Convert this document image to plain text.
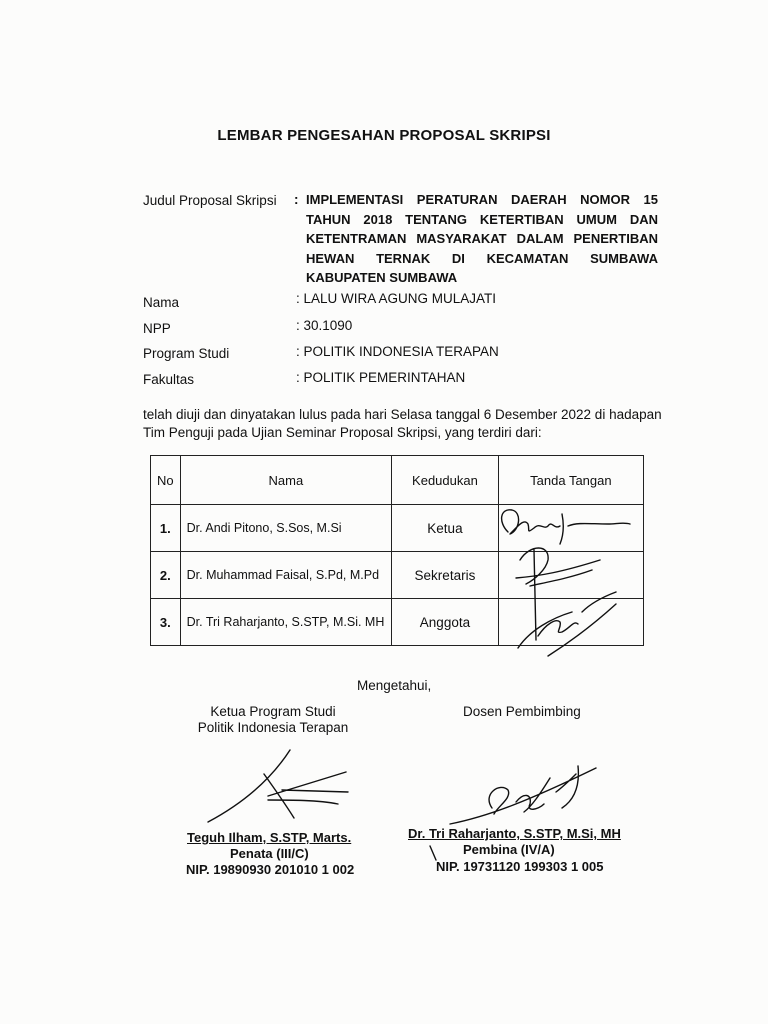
LEMBAR PENGESAHAN PROPOSAL SKRIPSI
Judul Proposal Skripsi : IMPLEMENTASI PERATURAN DAERAH NOMOR 15
TAHUN 2018 TENTANG KETERTIBAN UMUM DAN
KETENTRAMAN MASYARAKAT DALAM PENERTIBAN
HEWAN TERNAK DI KECAMATAN SUMBAWA
KABUPATEN SUMBAWA
Nama	: LALU WIRA AGUNG MULAJATI
NPP	: 30.1090
Program Studi	: POLITIK INDONESIA TERAPAN
Fakultas	: POLITIK PEMERINTAHAN
telah diuji dan dinyatakan lulus pada hari Selasa tanggal 6 Desember 2022 di hadapan
Tim Penguji pada Ujian Seminar Proposal Skripsi, yang terdiri dari:
No	Nama	Kedudukan	Tanda Tangan
1.	Dr. Andi Pitono, S.Sos, M.Si	Ketua	
2.	Dr. Muhammad Faisal, S.Pd, M.Pd	Sekretaris	
3.	Dr. Tri Raharjanto, S.STP, M.Si. MH	Anggota	
Mengetahui,
Ketua Program Studi
Politik Indonesia Terapan
Dosen Pembimbing
Teguh Ilham, S.STP, Marts.
Penata (III/C)
NIP. 19890930 201010 1 002
Dr. Tri Raharjanto, S.STP, M.Si, MH
Pembina (IV/A)
NIP. 19731120 199303 1 005
